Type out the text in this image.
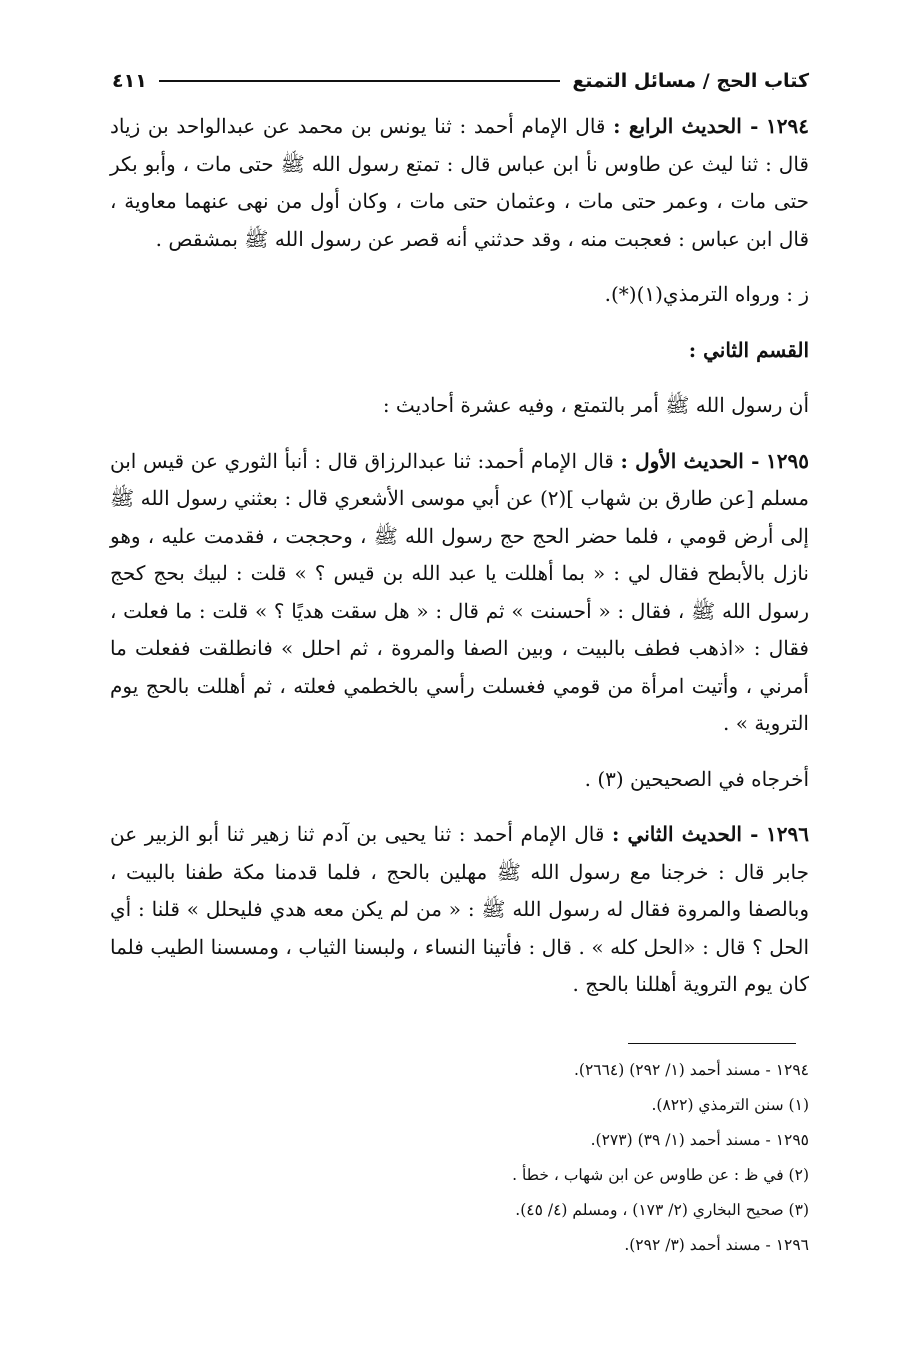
كتاب الحج / مسائل التمتع
٤١١

١٢٩٤ - الحديث الرابع : قال الإمام أحمد : ثنا يونس بن محمد عن عبدالواحد بن زياد قال : ثنا ليث عن طاوس نأ ابن عباس قال : تمتع رسول الله ﷺ حتى مات ، وأبو بكر حتى مات ، وعمر حتى مات ، وعثمان حتى مات ، وكان أول من نهى عنهما معاوية ، قال ابن عباس : فعجبت منه ، وقد حدثني أنه قصر عن رسول الله ﷺ بمشقص .

ز : ورواه الترمذي(١)(*).

القسم الثاني :

أن رسول الله ﷺ أمر بالتمتع ، وفيه عشرة أحاديث :

١٢٩٥ - الحديث الأول : قال الإمام أحمد: ثنا عبدالرزاق قال : أنبأ الثوري عن قيس ابن مسلم [عن طارق بن شهاب ](٢) عن أبي موسى الأشعري قال : بعثني رسول الله ﷺ إلى أرض قومي ، فلما حضر الحج حج رسول الله ﷺ ، وحججت ، فقدمت عليه ، وهو نازل بالأبطح فقال لي : « بما أهللت يا عبد الله بن قيس ؟ » قلت : لبيك بحج كحج رسول الله ﷺ ، فقال : « أحسنت » ثم قال : « هل سقت هديًا ؟ » قلت : ما فعلت ، فقال : «اذهب فطف بالبيت ، وبين الصفا والمروة ، ثم احلل » فانطلقت ففعلت ما أمرني ، وأتيت امرأة من قومي فغسلت رأسي بالخطمي فعلته ، ثم أهللت بالحج يوم التروية » .

أخرجاه في الصحيحين (٣) .

١٢٩٦ - الحديث الثاني : قال الإمام أحمد : ثنا يحيى بن آدم ثنا زهير ثنا أبو الزبير عن جابر قال : خرجنا مع رسول الله ﷺ مهلين بالحج ، فلما قدمنا مكة طفنا بالبيت ، وبالصفا والمروة فقال له رسول الله ﷺ : « من لم يكن معه هدي فليحلل » قلنا : أي الحل ؟ قال : «الحل كله » . قال : فأتينا النساء ، ولبسنا الثياب ، ومسسنا الطيب فلما كان يوم التروية أهللنا بالحج .

١٢٩٤ - مسند أحمد (١/ ٢٩٢) (٢٦٦٤).

(١) سنن الترمذي (٨٢٢).

١٢٩٥ - مسند أحمد (١/ ٣٩) (٢٧٣).

(٢) في ظ : عن طاوس عن ابن شهاب ، خطأ .

(٣) صحيح البخاري (٢/ ١٧٣) ، ومسلم (٤/ ٤٥).

١٢٩٦ - مسند أحمد (٣/ ٢٩٢).
